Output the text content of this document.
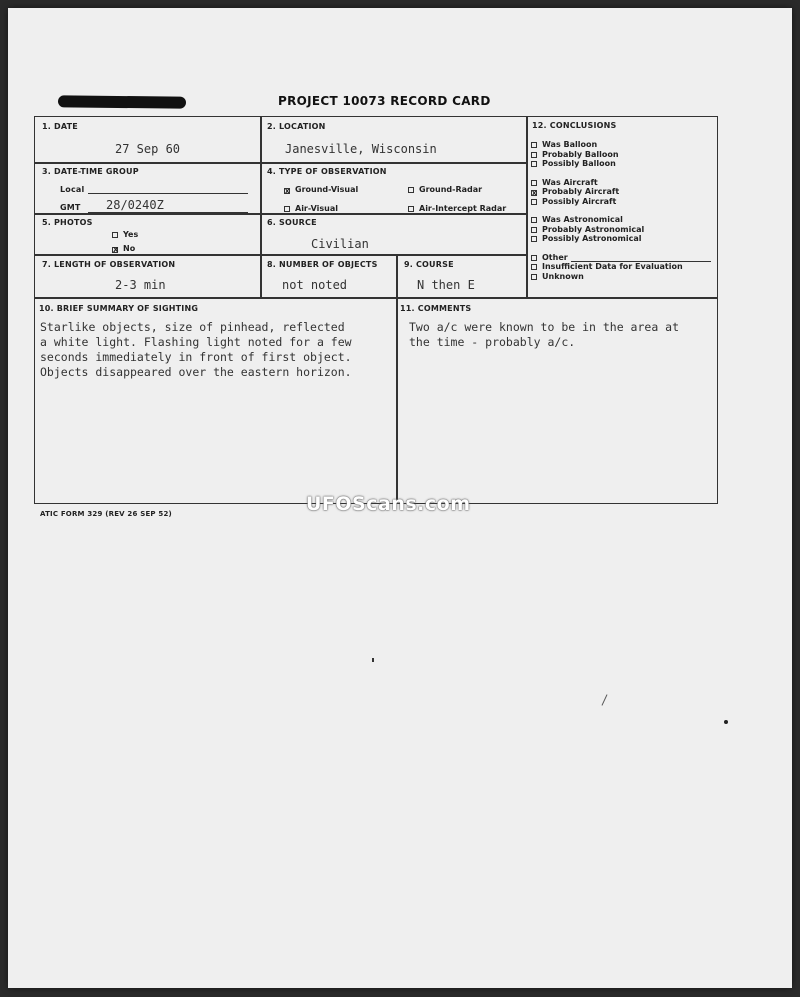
PROJECT 10073 RECORD CARD
1. DATE
27 Sep 60
2. LOCATION
Janesville, Wisconsin
3. DATE-TIME GROUP
Local
GMT 28/0240Z
4. TYPE OF OBSERVATION
x Ground-Visual	Ground-Radar
Air-Visual	Air-Intercept Radar
5. PHOTOS
Yes
X No
6. SOURCE
Civilian
7. LENGTH OF OBSERVATION
2-3 min
8. NUMBER OF OBJECTS
not noted
9. COURSE
N then E
12. CONCLUSIONS
Was Balloon
Probably Balloon
Possibly Balloon
Was Aircraft
x Probably Aircraft
Possibly Aircraft
Was Astronomical
Probably Astronomical
Possibly Astronomical
Other
Insufficient Data for Evaluation
Unknown
10. BRIEF SUMMARY OF SIGHTING
Starlike objects, size of pinhead, reflected
a white light. Flashing light noted for a few
seconds immediately in front of first object.
Objects disappeared over the eastern horizon.
11. COMMENTS
Two a/c were known to be in the area at
the time - probably a/c.
UFOScans.com
ATIC FORM 329 (REV 26 SEP 52)
